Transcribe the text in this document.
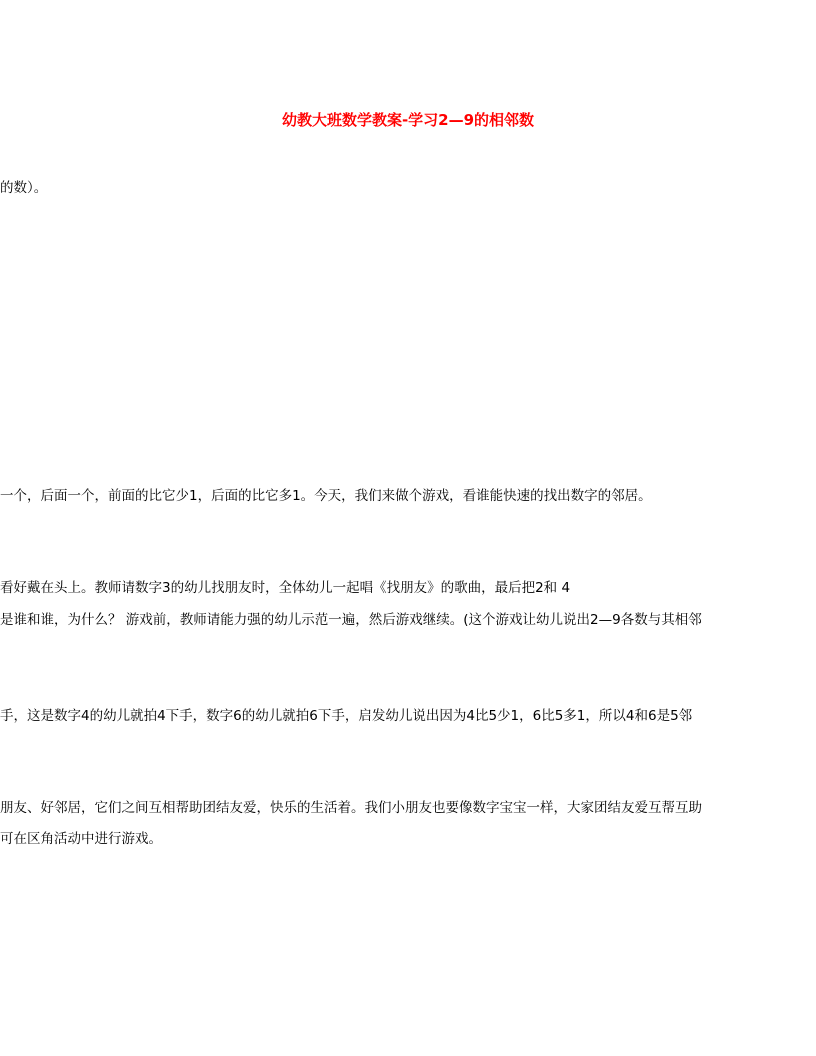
幼教大班数学教案-学习2—9的相邻数
的数）。
一个，后面一个，前面的比它少1，后面的比它多1。今天，我们来做个游戏，看谁能快速的找出数字的邻居。
看好戴在头上。教师请数字3的幼儿找朋友时，全体幼儿一起唱《找朋友》的歌曲，最后把2和 4
是谁和谁，为什么？ 游戏前，教师请能力强的幼儿示范一遍，然后游戏继续。(这个游戏让幼儿说出2—9各数与其相邻
手，这是数字4的幼儿就拍4下手，数字6的幼儿就拍6下手，启发幼儿说出因为4比5少1，6比5多1，所以4和6是5邻
朋友、好邻居，它们之间互相帮助团结友爱，快乐的生活着。我们小朋友也要像数字宝宝一样，大家团结友爱互帮互助
可在区角活动中进行游戏。
